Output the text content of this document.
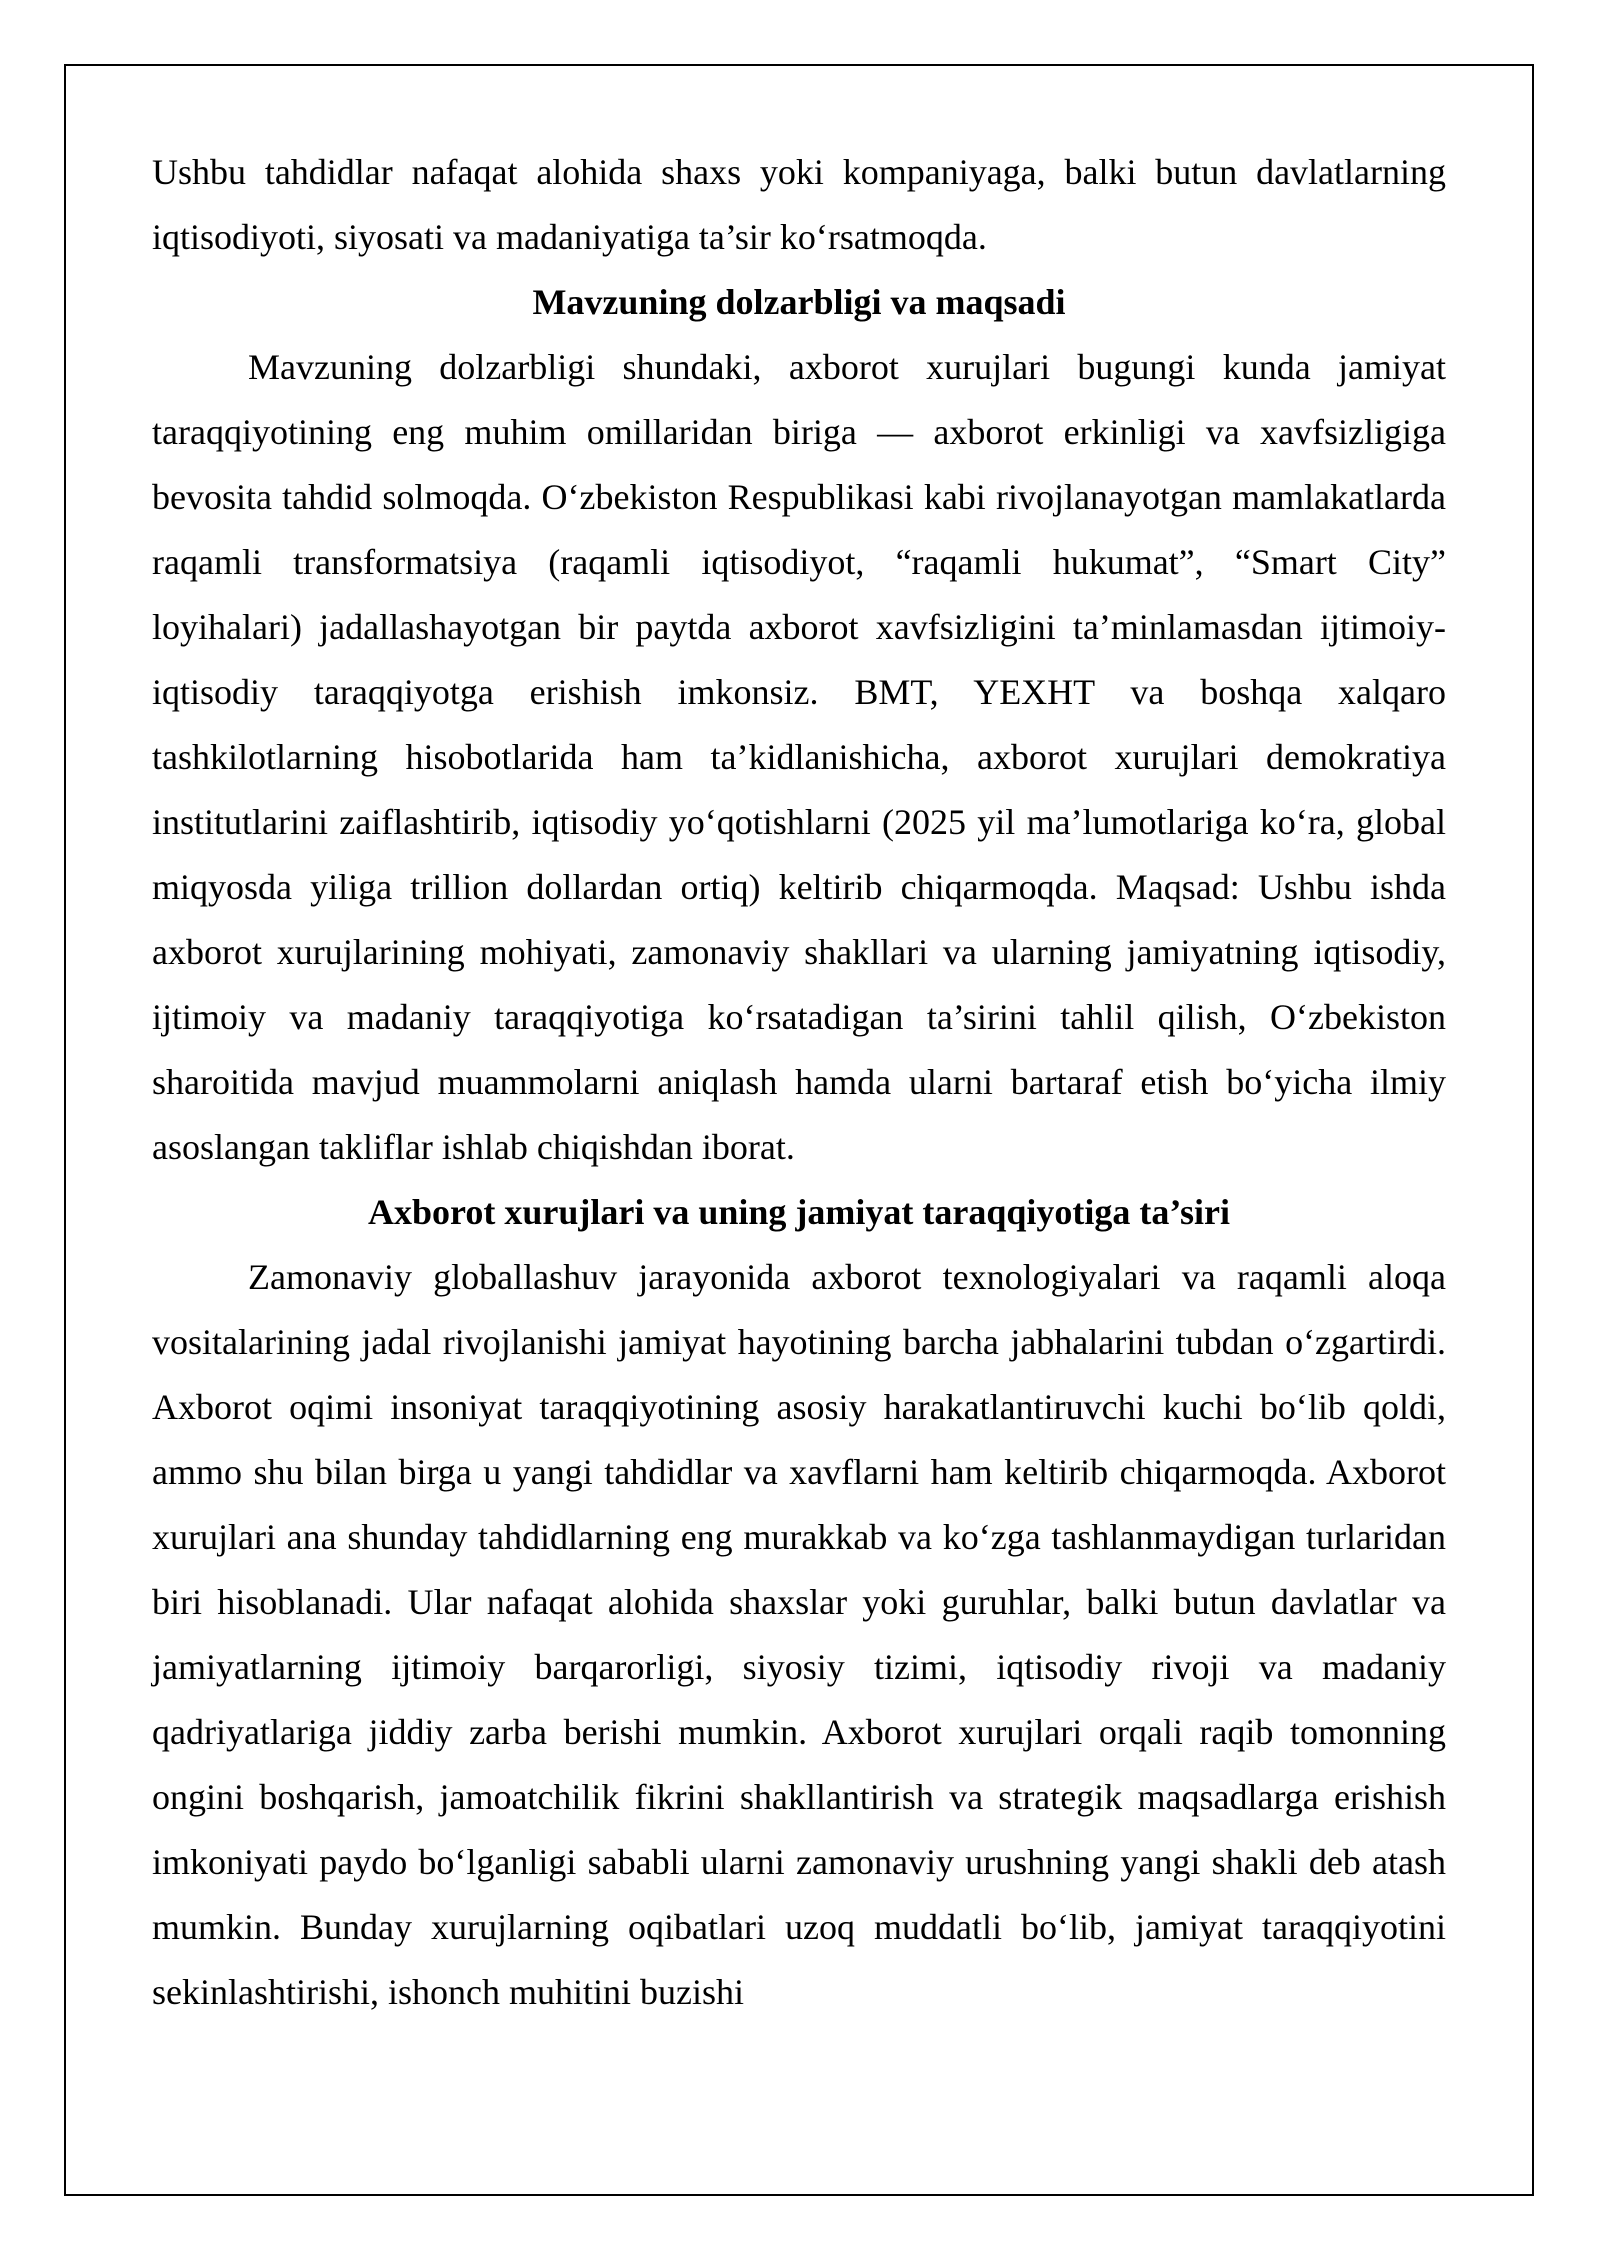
Ushbu tahdidlar nafaqat alohida shaxs yoki kompaniyaga, balki butun davlatlarning iqtisodiyoti, siyosati va madaniyatiga ta’sir ko‘rsatmoqda.

Mavzuning dolzarbligi va maqsadi

Mavzuning dolzarbligi shundaki, axborot xurujlari bugungi kunda jamiyat taraqqiyotining eng muhim omillaridan biriga — axborot erkinligi va xavfsizligiga bevosita tahdid solmoqda. O‘zbekiston Respublikasi kabi rivojlanayotgan mamlakatlarda raqamli transformatsiya (raqamli iqtisodiyot, “raqamli hukumat”, “Smart City” loyihalari) jadallashayotgan bir paytda axborot xavfsizligini ta’minlamasdan ijtimoiy-iqtisodiy taraqqiyotga erishish imkonsiz. BMT, YEXHT va boshqa xalqaro tashkilotlarning hisobotlarida ham ta’kidlanishicha, axborot xurujlari demokratiya institutlarini zaiflashtirib, iqtisodiy yo‘qotishlarni (2025 yil ma’lumotlariga ko‘ra, global miqyosda yiliga trillion dollardan ortiq) keltirib chiqarmoqda. Maqsad: Ushbu ishda axborot xurujlarining mohiyati, zamonaviy shakllari va ularning jamiyatning iqtisodiy, ijtimoiy va madaniy taraqqiyotiga ko‘rsatadigan ta’sirini tahlil qilish, O‘zbekiston sharoitida mavjud muammolarni aniqlash hamda ularni bartaraf etish bo‘yicha ilmiy asoslangan takliflar ishlab chiqishdan iborat.

Axborot xurujlari va uning jamiyat taraqqiyotiga ta’siri

Zamonaviy globallashuv jarayonida axborot texnologiyalari va raqamli aloqa vositalarining jadal rivojlanishi jamiyat hayotining barcha jabhalarini tubdan o‘zgartirdi. Axborot oqimi insoniyat taraqqiyotining asosiy harakatlantiruvchi kuchi bo‘lib qoldi, ammo shu bilan birga u yangi tahdidlar va xavflarni ham keltirib chiqarmoqda. Axborot xurujlari ana shunday tahdidlarning eng murakkab va ko‘zga tashlanmaydigan turlaridan biri hisoblanadi. Ular nafaqat alohida shaxslar yoki guruhlar, balki butun davlatlar va jamiyatlarning ijtimoiy barqarorligi, siyosiy tizimi, iqtisodiy rivoji va madaniy qadriyatlariga jiddiy zarba berishi mumkin. Axborot xurujlari orqali raqib tomonning ongini boshqarish, jamoatchilik fikrini shakllantirish va strategik maqsadlarga erishish imkoniyati paydo bo‘lganligi sababli ularni zamonaviy urushning yangi shakli deb atash mumkin. Bunday xurujlarning oqibatlari uzoq muddatli bo‘lib, jamiyat taraqqiyotini sekinlashtirishi, ishonch muhitini buzishi
